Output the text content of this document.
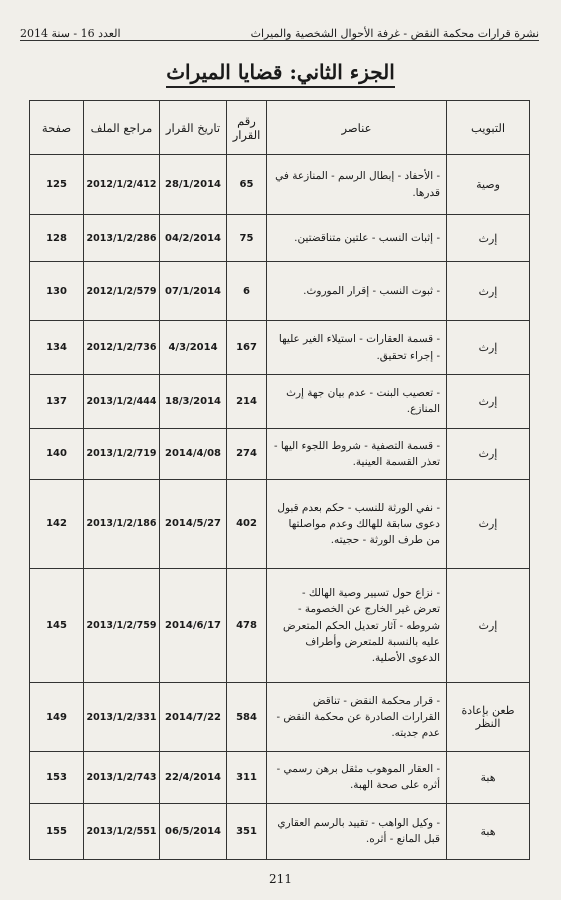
نشرة قرارات محكمة النقض - غرفة الأحوال الشخصية والميراث
العدد 16 - سنة 2014
الجزء الثاني: قضايا الميراث
التبويب	عناصر	رقم القرار	تاريخ القرار	مراجع الملف	صفحة
وصية	- الأحفاد - إبطال الرسم - المنازعة في قدرها.	65	28/1/2014	2012/1/2/412	125
إرث	- إثبات النسب - علتين متناقضتين.	75	04/2/2014	2013/1/2/286	128
إرث	- ثبوت النسب - إقرار الموروث.	6	07/1/2014	2012/1/2/579	130
إرث	- قسمة العقارات - استيلاء الغير عليها - إجراء تحقيق.	167	4/3/2014	2012/1/2/736	134
إرث	- تعصيب البنت - عدم بيان جهة إرث المنازع.	214	18/3/2014	2013/1/2/444	137
إرث	- قسمة التصفية - شروط اللجوء اليها - تعذر القسمة العينية.	274	2014/4/08	2013/1/2/719	140
إرث	- نفي الورثة للنسب - حكم بعدم قبول دعوى سابقة للهالك وعدم مواصلتها من طرف الورثة - حجيته.	402	2014/5/27	2013/1/2/186	142
إرث	- نزاع حول تسيير وصية الهالك - تعرض غير الخارج عن الخصومة - شروطه - آثار تعديل الحكم المتعرض عليه بالنسبة للمتعرض وأطراف الدعوى الأصلية.	478	2014/6/17	2013/1/2/759	145
طعن بإعادة النظر	- قرار محكمة النقض - تناقض القرارات الصادرة عن محكمة النقض - عدم جديته.	584	2014/7/22	2013/1/2/331	149
هبة	- العقار الموهوب مثقل برهن رسمي - أثره على صحة الهبة.	311	22/4/2014	2013/1/2/743	153
هبة	- وكيل الواهب - تقييد بالرسم العقاري قبل المانع - أثره.	351	06/5/2014	2013/1/2/551	155
211
